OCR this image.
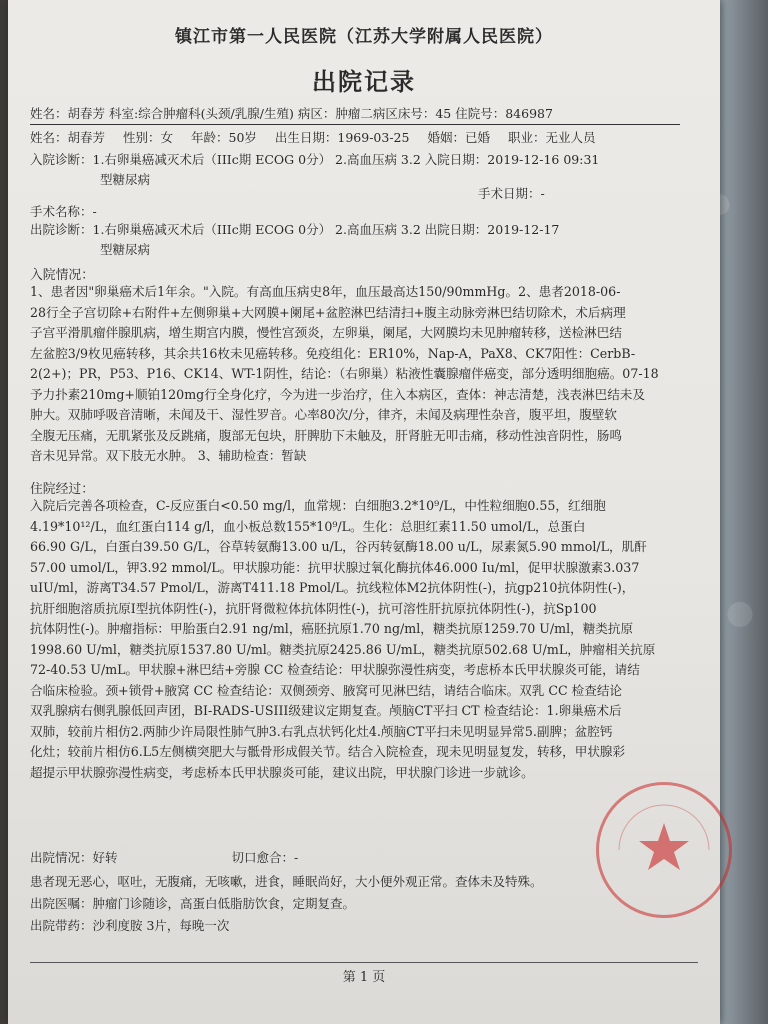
镇江市第一人民医院（江苏大学附属人民医院）
出院记录
姓名：胡春芳 科室:综合肿瘤科(头颈/乳腺/生殖) 病区：肿瘤二病区床号：45 住院号：846987
姓名：胡春芳 性别：女 年龄：50岁 出生日期：1969-03-25 婚姻：已婚 职业：无业人员
入院诊断：1.右卵巢癌减灭术后（IIIc期 ECOG 0分） 2.高血压病 3.2 入院日期：2019-12-16 09:31
型糖尿病
手术日期：-
手术名称：-
出院诊断：1.右卵巢癌减灭术后（IIIc期 ECOG 0分） 2.高血压病 3.2 出院日期：2019-12-17
型糖尿病
入院情况：
1、患者因"卵巢癌术后1年余。"入院。有高血压病史8年，血压最高达150/90mmHg。2、患者2018-06-
28行全子宫切除+右附件+左侧卵巢+大网膜+阑尾+盆腔淋巴结清扫+腹主动脉旁淋巴结切除术，术后病理
子宫平滑肌瘤伴腺肌病，增生期宫内膜，慢性宫颈炎，左卵巢，阑尾，大网膜均未见肿瘤转移，送检淋巴结
左盆腔3/9枚见癌转移，其余共16枚未见癌转移。免疫组化：ER10%，Nap-A，PaX8、CK7阳性：CerbB-
2(2+)；PR，P53、P16、CK14、WT-1阴性，结论：（右卵巢）粘液性囊腺瘤伴癌变，部分透明细胞癌。07-18
予力扑素210mg+顺铂120mg行全身化疗，今为进一步治疗，住入本病区，查体：神志清楚，浅表淋巴结未及
肿大。双肺呼吸音清晰，未闻及干、湿性罗音。心率80次/分，律齐，未闻及病理性杂音，腹平坦，腹壁软
全腹无压痛，无肌紧张及反跳痛，腹部无包块，肝脾肋下未触及，肝肾脏无叩击痛，移动性浊音阴性，肠鸣
音未见异常。双下肢无水肿。 3、辅助检查：暂缺
住院经过：
入院后完善各项检查，C-反应蛋白<0.50 mg/l，血常规：白细胞3.2*10⁹/L，中性粒细胞0.55，红细胞
4.19*10¹²/L，血红蛋白114 g/l，血小板总数155*10⁹/L。生化：总胆红素11.50 umol/L，总蛋白
66.90 G/L，白蛋白39.50 G/L，谷草转氨酶13.00 u/L，谷丙转氨酶18.00 u/L，尿素氮5.90 mmol/L，肌酐
57.00 umol/L，钾3.92 mmol/L。甲状腺功能：抗甲状腺过氧化酶抗体46.000 Iu/ml，促甲状腺激素3.037
uIU/ml，游离T34.57 Pmol/L，游离T411.18 Pmol/L。抗线粒体M2抗体阴性(-)，抗gp210抗体阴性(-)，
抗肝细胞溶质抗原I型抗体阴性(-)，抗肝肾微粒体抗体阴性(-)，抗可溶性肝抗原抗体阴性(-)，抗Sp100
抗体阴性(-)。肿瘤指标：甲胎蛋白2.91 ng/ml，癌胚抗原1.70 ng/ml，糖类抗原1259.70 U/ml，糖类抗原
1998.60 U/ml，糖类抗原1537.80 U/ml。糖类抗原2425.86 U/mL，糖类抗原502.68 U/mL，肿瘤相关抗原
72-40.53 U/mL。甲状腺+淋巴结+旁腺 CC 检查结论：甲状腺弥漫性病变，考虑桥本氏甲状腺炎可能，请结
合临床检验。颈+锁骨+腋窝 CC 检查结论：双侧颈旁、腋窝可见淋巴结，请结合临床。双乳 CC 检查结论
双乳腺病右侧乳腺低回声团，BI-RADS-USIII级建议定期复查。颅脑CT平扫 CT 检查结论：1.卵巢癌术后
双肺，较前片相仿2.两肺少许局限性肺气肿3.右乳点状钙化灶4.颅脑CT平扫未见明显异常5.副脾；盆腔钙
化灶；较前片相仿6.L5左侧横突肥大与骶骨形成假关节。结合入院检查，现未见明显复发，转移，甲状腺彩
超提示甲状腺弥漫性病变，考虑桥本氏甲状腺炎可能，建议出院，甲状腺门诊进一步就诊。
出院情况：好转	切口愈合：-
患者现无恶心，呕吐，无腹痛，无咳嗽，进食，睡眠尚好，大小便外观正常。查体未及特殊。
出院医嘱：肿瘤门诊随诊，高蛋白低脂肪饮食，定期复查。
出院带药：沙利度胺 3片，每晚一次
第 1 页
